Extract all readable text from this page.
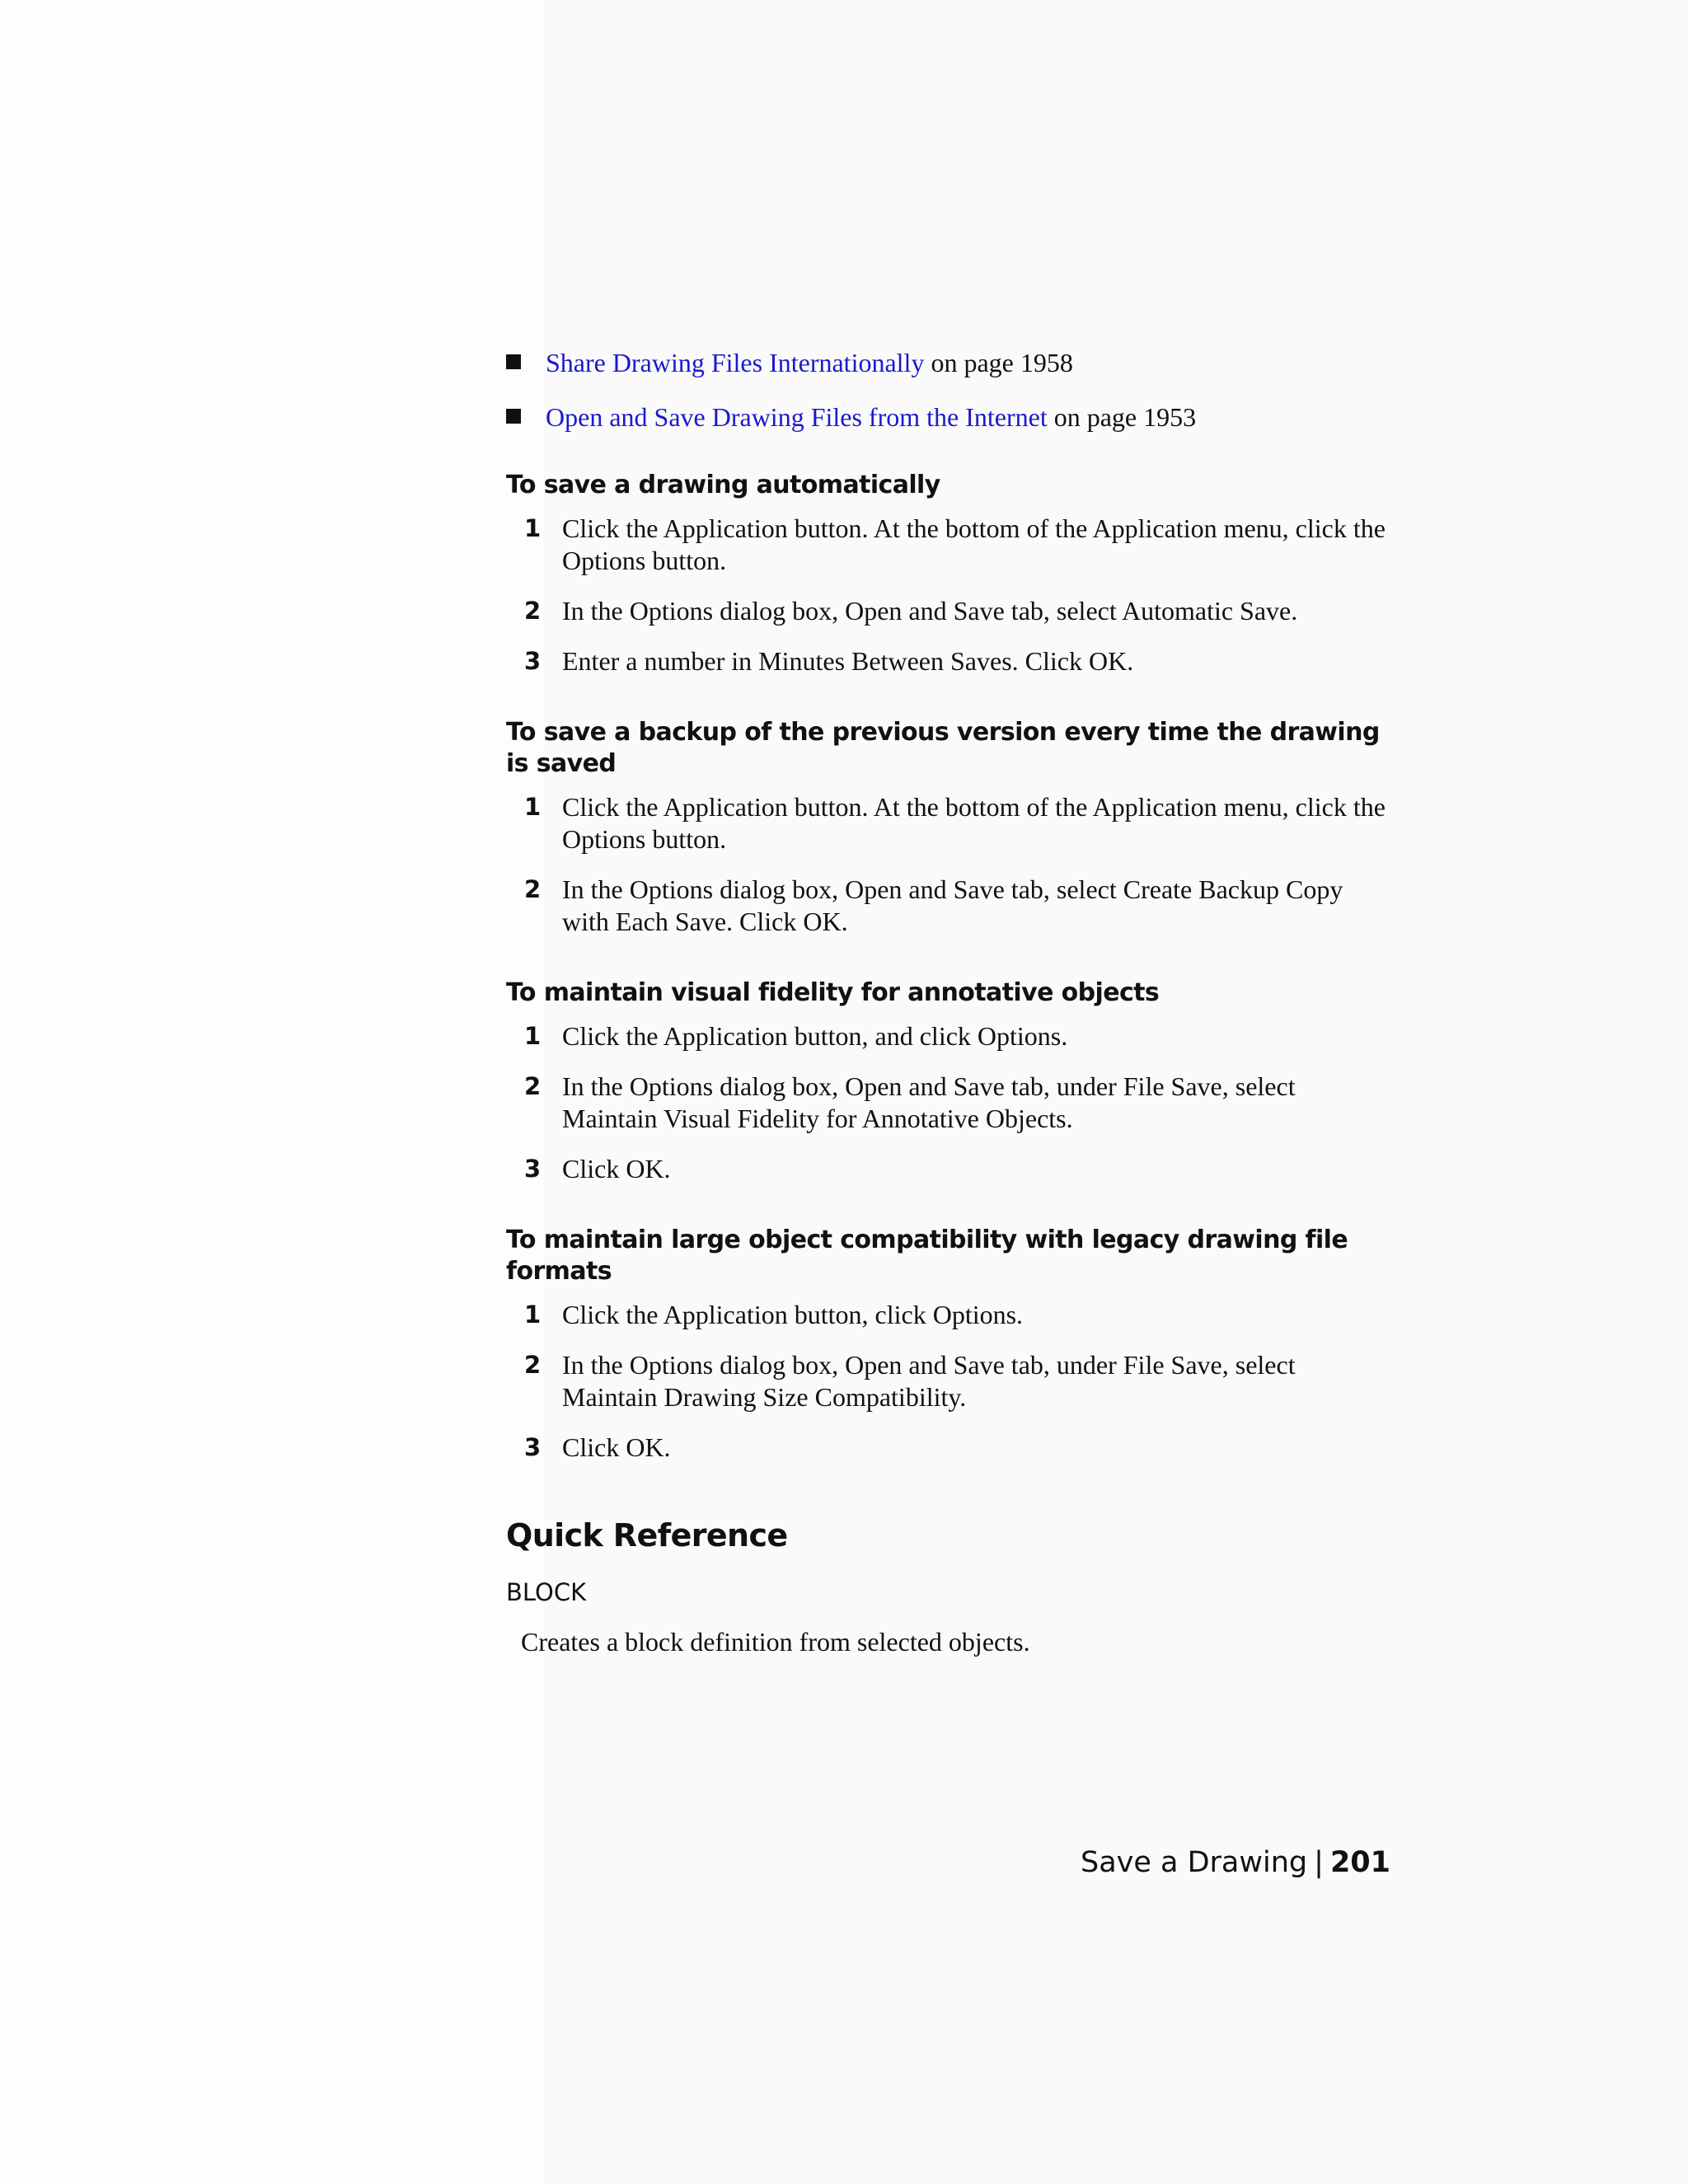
Share Drawing Files Internationally on page 1958
Open and Save Drawing Files from the Internet on page 1953
To save a drawing automatically
1 Click the Application button. At the bottom of the Application menu, click the Options button.
2 In the Options dialog box, Open and Save tab, select Automatic Save.
3 Enter a number in Minutes Between Saves. Click OK.
To save a backup of the previous version every time the drawing is saved
1 Click the Application button. At the bottom of the Application menu, click the Options button.
2 In the Options dialog box, Open and Save tab, select Create Backup Copy with Each Save. Click OK.
To maintain visual fidelity for annotative objects
1 Click the Application button, and click Options.
2 In the Options dialog box, Open and Save tab, under File Save, select Maintain Visual Fidelity for Annotative Objects.
3 Click OK.
To maintain large object compatibility with legacy drawing file formats
1 Click the Application button, click Options.
2 In the Options dialog box, Open and Save tab, under File Save, select Maintain Drawing Size Compatibility.
3 Click OK.
Quick Reference
BLOCK

Creates a block definition from selected objects.

Save a Drawing | 201
